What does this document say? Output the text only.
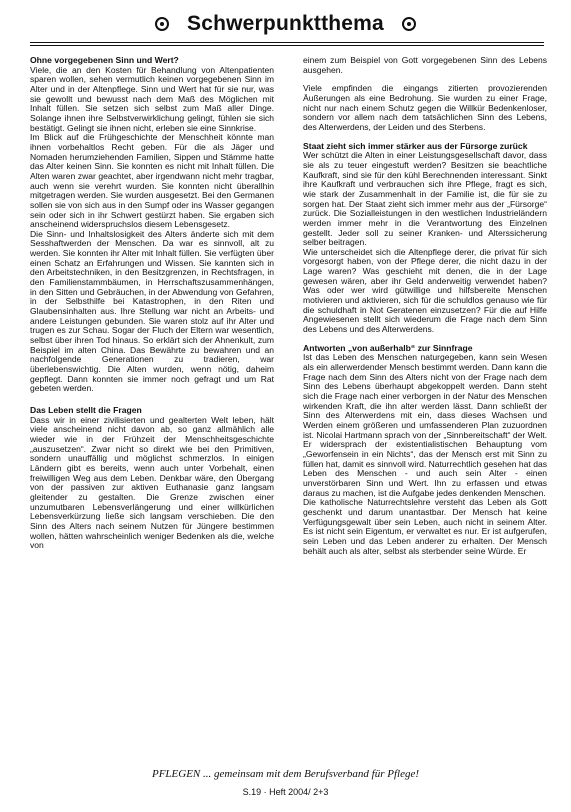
Schwerpunktthema
Ohne vorgegebenen Sinn und Wert?

Viele, die an den Kosten für Behandlung von Altenpatienten sparen wollen, sehen vermutlich keinen vorgegebenen Sinn im Alter und in der Altenpflege. Sinn und Wert hat für sie nur, was sie gewollt und bewusst nach dem Maß des Möglichen mit Inhalt füllen. Sie setzen sich selbst zum Maß aller Dinge. Solange ihnen ihre Selbstverwirklichung gelingt, fühlen sie sich bestätigt. Gelingt sie ihnen nicht, erleben sie eine Sinnkrise.

Im Blick auf die Frühgeschichte der Menschheit könnte man ihnen vorbehaltlos Recht geben. Für die als Jäger und Nomaden herumziehenden Familien, Sippen und Stämme hatte das Alter keinen Sinn. Sie konnten es nicht mit Inhalt füllen. Die Alten waren zwar geachtet, aber irgendwann nicht mehr tragbar, auch wenn sie verehrt wurden. Sie konnten nicht überallhin mitgetragen werden. Sie wurden ausgesetzt. Bei den Germanen sollen sie von sich aus in den Sumpf oder ins Wasser gegangen sein oder sich in ihr Schwert gestürzt haben. Sie ergaben sich anscheinend widerspruchslos diesem Lebensgesetz.

Die Sinn- und Inhaltslosigkeit des Alters änderte sich mit dem Sesshaftwerden der Menschen. Da war es sinnvoll, alt zu werden. Sie konnten ihr Alter mit Inhalt füllen. Sie verfügten über einen Schatz an Erfahrungen und Wissen. Sie kannten sich in den Arbeitstechniken, in den Besitzgrenzen, in Rechtsfragen, in den Familienstammbäumen, in Herrschaftszusammenhängen, in den Sitten und Gebräuchen, in der Abwendung von Gefahren, in der Selbsthilfe bei Katastrophen, in den Riten und Glaubensinhalten aus. Ihre Stellung war nicht an Arbeits- und andere Leistungen gebunden. Sie waren stolz auf ihr Alter und trugen es zur Schau. Sogar der Fluch der Eltern war wesentlich, selbst über ihren Tod hinaus. So erklärt sich der Ahnenkult, zum Beispiel im alten China. Das Bewährte zu bewahren und an nachfolgende Generationen zu tradieren, war überlebenswichtig. Die Alten wurden, wenn nötig, daheim gepflegt. Dann konnten sie immer noch gefragt und um Rat gebeten werden.

Das Leben stellt die Fragen

Dass wir in einer zivilisierten und gealterten Welt leben, hält viele anscheinend nicht davon ab, so ganz allmählich alle wieder wie in der Frühzeit der Menschheitsgeschichte „auszusetzen“. Zwar nicht so direkt wie bei den Primitiven, sondern unauffällig und möglichst schmerzlos. In einigen Ländern gibt es bereits, wenn auch unter Vorbehalt, einen freiwilligen Weg aus dem Leben. Denkbar wäre, den Übergang von der passiven zur aktiven Euthanasie ganz langsam gleitender zu gestalten. Die Grenze zwischen einer unzumutbaren Lebensverlängerung und einer willkürlichen Lebensverkürzung ließe sich langsam verschieben. Die den Sinn des Alters nach seinem Nutzen für Jüngere bestimmen wollen, hätten wahrscheinlich weniger Bedenken als die, welche von

einem zum Beispiel von Gott vorgegebenen Sinn des Lebens ausgehen.

Viele empfinden die eingangs zitierten provozierenden Äußerungen als eine Bedrohung. Sie wurden zu einer Frage, nicht nur nach einem Schutz gegen die Willkür Bedenkenloser, sondern vor allem nach dem tatsächlichen Sinn des Lebens, des Alterwerdens, der Leiden und des Sterbens.

Staat zieht sich immer stärker aus der Fürsorge zurück

Wer schützt die Alten in einer Leistungsgesellschaft davor, dass sie als zu teuer eingestuft werden? Besitzen sie beachtliche Kaufkraft, sind sie für den kühl Berechnenden interessant. Sinkt ihre Kaufkraft und verbrauchen sich ihre Pflege, fragt es sich, wie stark der Zusammenhalt in der Familie ist, die für sie zu sorgen hat. Der Staat zieht sich immer mehr aus der „Fürsorge“ zurück. Die Sozialleistungen in den westlichen Industrieländern werden immer mehr in die Verantwortung des Einzelnen gestellt. Jeder soll zu seiner Kranken- und Alterssicherung selber beitragen.

Wie unterscheidet sich die Altenpflege derer, die privat für sich vorgesorgt haben, von der Pflege derer, die nicht dazu in der Lage waren? Was geschieht mit denen, die in der Lage gewesen wären, aber ihr Geld anderweitig verwendet haben? Was oder wer wird gütwillige und hilfsbereite Menschen motivieren und aktivieren, sich für die schuldlos genauso wie für die schuldhaft in Not Geratenen einzusetzen? Für die auf Hilfe Angewiesenen stellt sich wiederum die Frage nach dem Sinn des Lebens und des Alterwerdens.

Antworten „von außerhalb“ zur Sinnfrage

Ist das Leben des Menschen naturgegeben, kann sein Wesen als ein allerwerdender Mensch bestimmt werden. Dann kann die Frage nach dem Sinn des Alters nicht von der Frage nach dem Sinn des Lebens überhaupt abgekoppelt werden. Dann steht sich die Frage nach einer verborgen in der Natur des Menschen wirkenden Kraft, die ihn alter werden lässt. Dann schließt der Sinn des Alterwerdens mit ein, dass dieses Wachsen und Werden einem größeren und umfassenderen Plan zuzuordnen ist. Nicolai Hartmann sprach von der „Sinnbereitschaft“ der Welt. Er widersprach der existentialistischen Behauptung vom „Geworfensein in ein Nichts“, das der Mensch erst mit Sinn zu füllen hat, damit es sinnvoll wird. Naturrechtlich gesehen hat das Leben des Menschen - und auch sein Alter - einen unverstörbaren Sinn und Wert. Ihn zu erfassen und etwas daraus zu machen, ist die Aufgabe jedes denkenden Menschen.

Die katholische Naturrechtslehre versteht das Leben als Gott geschenkt und darum unantastbar. Der Mensch hat keine Verfügungsgewalt über sein Leben, auch nicht in seinem Alter. Es ist nicht sein Eigentum, er verwaltet es nur. Er ist aufgerufen, sein Leben und das Leben anderer zu erhalten. Der Mensch behält auch als alter, selbst als sterbender seine Würde. Er

PFLEGEN ... gemeinsam mit dem Berufsverband für Pflege!
S.19 · Heft 2004/ 2+3
